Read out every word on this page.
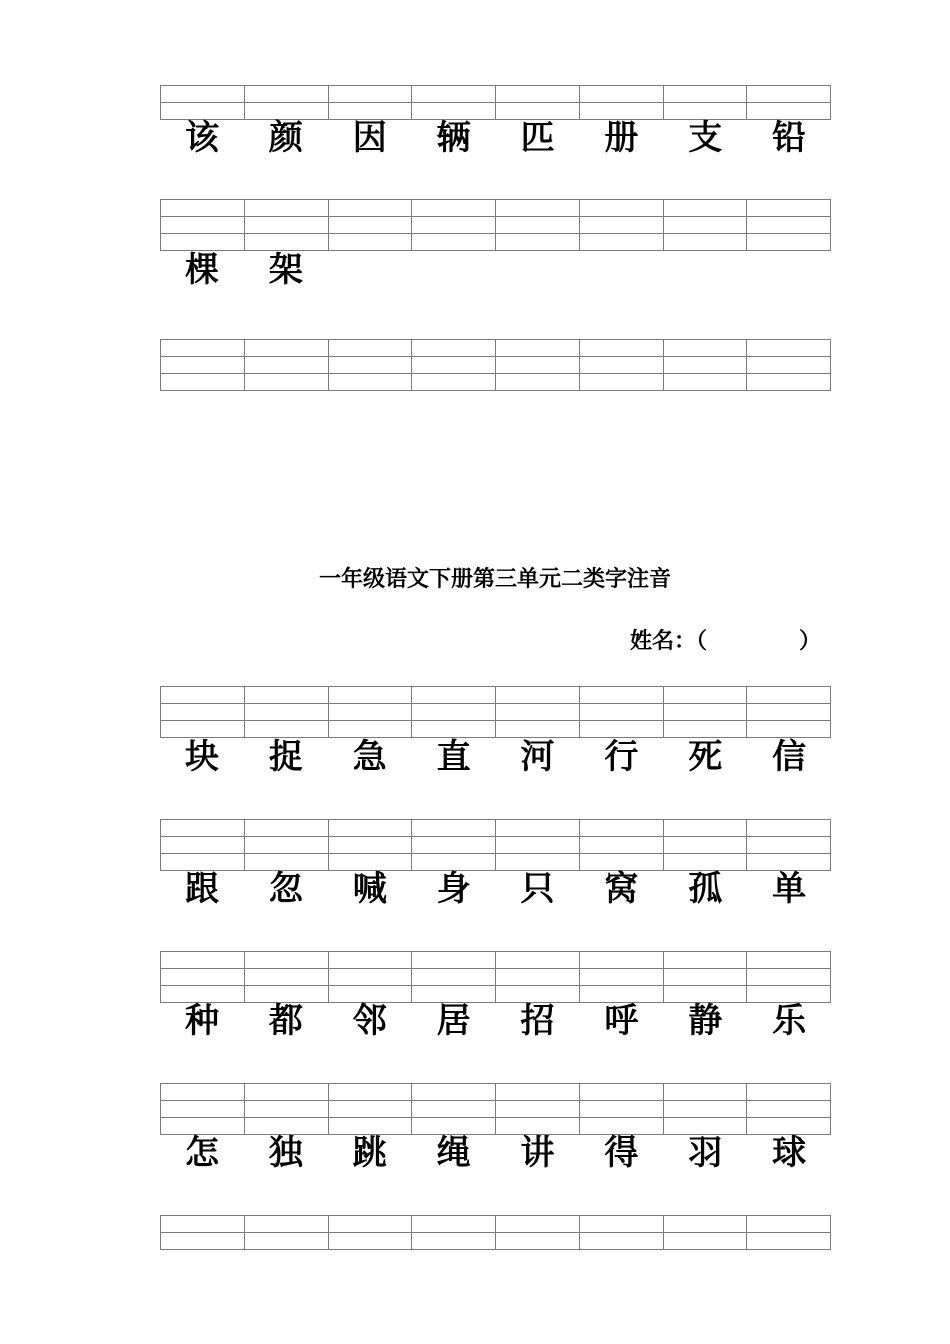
该	颜	因	辆	匹	册	支	铅

棵	架

一年级语文下册第三单元二类字注音
姓名：（	）

块	捉	急	直	河	行	死	信

跟	忽	喊	身	只	窝	孤	单

种	都	邻	居	招	呼	静	乐

怎	独	跳	绳	讲	得	羽	球
